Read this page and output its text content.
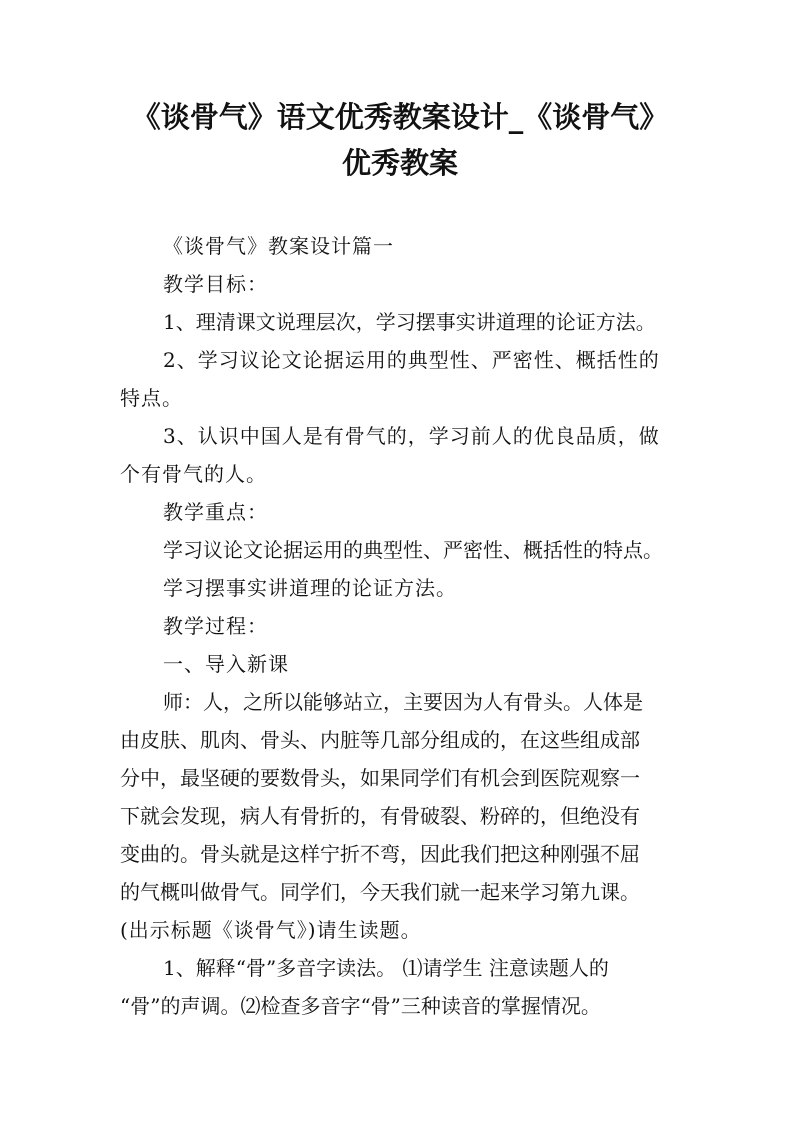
《谈骨气》语文优秀教案设计_《谈骨气》
优秀教案
《谈骨气》教案设计篇一
教学目标：
1、理清课文说理层次，学习摆事实讲道理的论证方法。
2、学习议论文论据运用的典型性、严密性、概括性的
特点。
3、认识中国人是有骨气的，学习前人的优良品质，做
个有骨气的人。
教学重点：
学习议论文论据运用的典型性、严密性、概括性的特点。
学习摆事实讲道理的论证方法。
教学过程：
一、导入新课
师：人，之所以能够站立，主要因为人有骨头。人体是
由皮肤、肌肉、骨头、内脏等几部分组成的，在这些组成部
分中，最坚硬的要数骨头，如果同学们有机会到医院观察一
下就会发现，病人有骨折的，有骨破裂、粉碎的，但绝没有
变曲的。骨头就是这样宁折不弯，因此我们把这种刚强不屈
的气概叫做骨气。同学们，今天我们就一起来学习第九课。
(出示标题《谈骨气》)请生读题。
1、解释“骨”多音字读法。 ⑴请学生 注意读题人的
“骨”的声调。⑵检查多音字“骨”三种读音的掌握情况。
